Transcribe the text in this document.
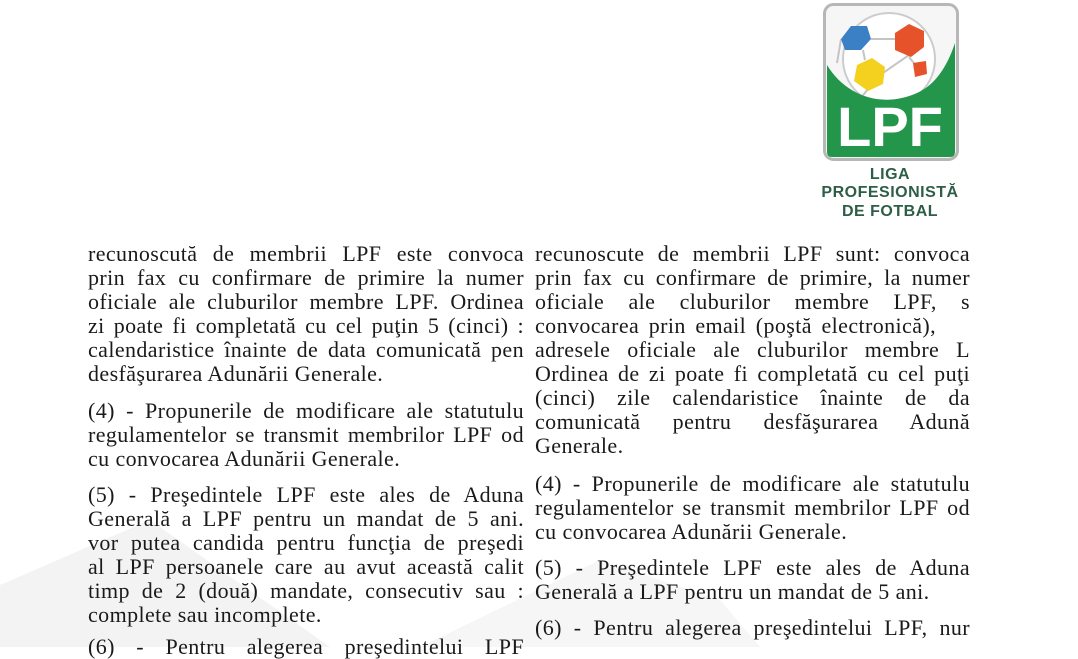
LPF
LIGA
PROFESIONISTĂ
DE FOTBAL
recunoscută de membrii LPF este convoca
prin fax cu confirmare de primire la numer
oficiale ale cluburilor membre LPF. Ordinea
zi poate fi completată cu cel puţin 5 (cinci) :
calendaristice înainte de data comunicată pen
desfăşurarea Adunării Generale.
(4) - Propunerile de modificare ale statutulu
regulamentelor se transmit membrilor LPF od
cu convocarea Adunării Generale.
(5) - Preşedintele LPF este ales de Aduna
Generală a LPF pentru un mandat de 5 ani.
vor putea candida pentru funcţia de preşedi
al LPF persoanele care au avut această calit
timp de 2 (două) mandate, consecutiv sau :
complete sau incomplete.
(6) - Pentru alegerea preşedintelui LPF
recunoscute de membrii LPF sunt: convoca
prin fax cu confirmare de primire, la numer
oficiale ale cluburilor membre LPF, s
convocarea prin email (poştă electronică),
adresele oficiale ale cluburilor membre L
Ordinea de zi poate fi completată cu cel puţi
(cinci) zile calendaristice înainte de da
comunicată pentru desfăşurarea Adună
Generale.
(4) - Propunerile de modificare ale statutulu
regulamentelor se transmit membrilor LPF od
cu convocarea Adunării Generale.
(5) - Preşedintele LPF este ales de Aduna
Generală a LPF pentru un mandat de 5 ani.
(6) - Pentru alegerea preşedintelui LPF, nur
